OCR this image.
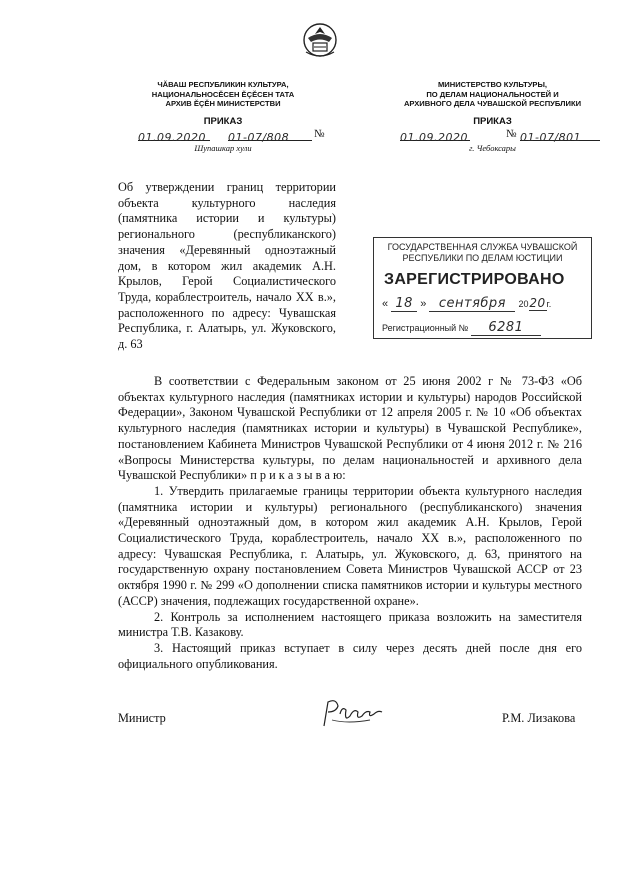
ЧĂВАШ РЕСПУБЛИКИН КУЛЬТУРА,
НАЦИОНАЛЬНОСĔСЕН ĔÇĔСЕН ТАТА
АРХИВ ĔÇĔН МИНИСТЕРСТВИ
МИНИСТЕРСТВО КУЛЬТУРЫ,
ПО ДЕЛАМ НАЦИОНАЛЬНОСТЕЙ И
АРХИВНОГО ДЕЛА ЧУВАШСКОЙ РЕСПУБЛИКИ
ПРИКАЗ
01.09.2020	01-07/808	№
Шупашкар хули
ПРИКАЗ
01.09.2020	№ 01-07/801
г. Чебоксары
Об утверждении границ территории объекта культурного наследия (памятника истории и культуры) регионального (республиканского) значения «Деревянный одноэтажный дом, в котором жил академик А.Н. Крылов, Герой Социалистического Труда, кораблестроитель, начало XX в.», расположенного по адресу: Чувашская Республика, г. Алатырь, ул. Жуковского, д. 63
ГОСУДАРСТВЕННАЯ СЛУЖБА ЧУВАШСКОЙ
РЕСПУБЛИКИ ПО ДЕЛАМ ЮСТИЦИИ
ЗАРЕГИСТРИРОВАНО
« 18 » сентября 2020г.
Регистрационный № 6281

В соответствии с Федеральным законом от 25 июня 2002 г № 73-ФЗ «Об объектах культурного наследия (памятниках истории и культуры) народов Российской Федерации», Законом Чувашской Республики от 12 апреля 2005 г. № 10 «Об объектах культурного наследия (памятниках истории и культуры) в Чувашской Республике», постановлением Кабинета Министров Чувашской Республики от 4 июня 2012 г. № 216 «Вопросы Министерства культуры, по делам национальностей и архивного дела Чувашской Республики» п р и к а з ы в а ю:

1. Утвердить прилагаемые границы территории объекта культурного наследия (памятника истории и культуры) регионального (республиканского) значения «Деревянный одноэтажный дом, в котором жил академик А.Н. Крылов, Герой Социалистического Труда, кораблестроитель, начало XX в.», расположенного по адресу: Чувашская Республика, г. Алатырь, ул. Жуковского, д. 63, принятого на государственную охрану постановлением Совета Министров Чувашской АССР от 23 октября 1990 г. № 299 «О дополнении списка памятников истории и культуры местного (АССР) значения, подлежащих государственной охране».

2. Контроль за исполнением настоящего приказа возложить на заместителя министра Т.В. Казакову.

3. Настоящий приказ вступает в силу через десять дней после дня его официального опубликования.

Министр	Р.М. Лизакова
